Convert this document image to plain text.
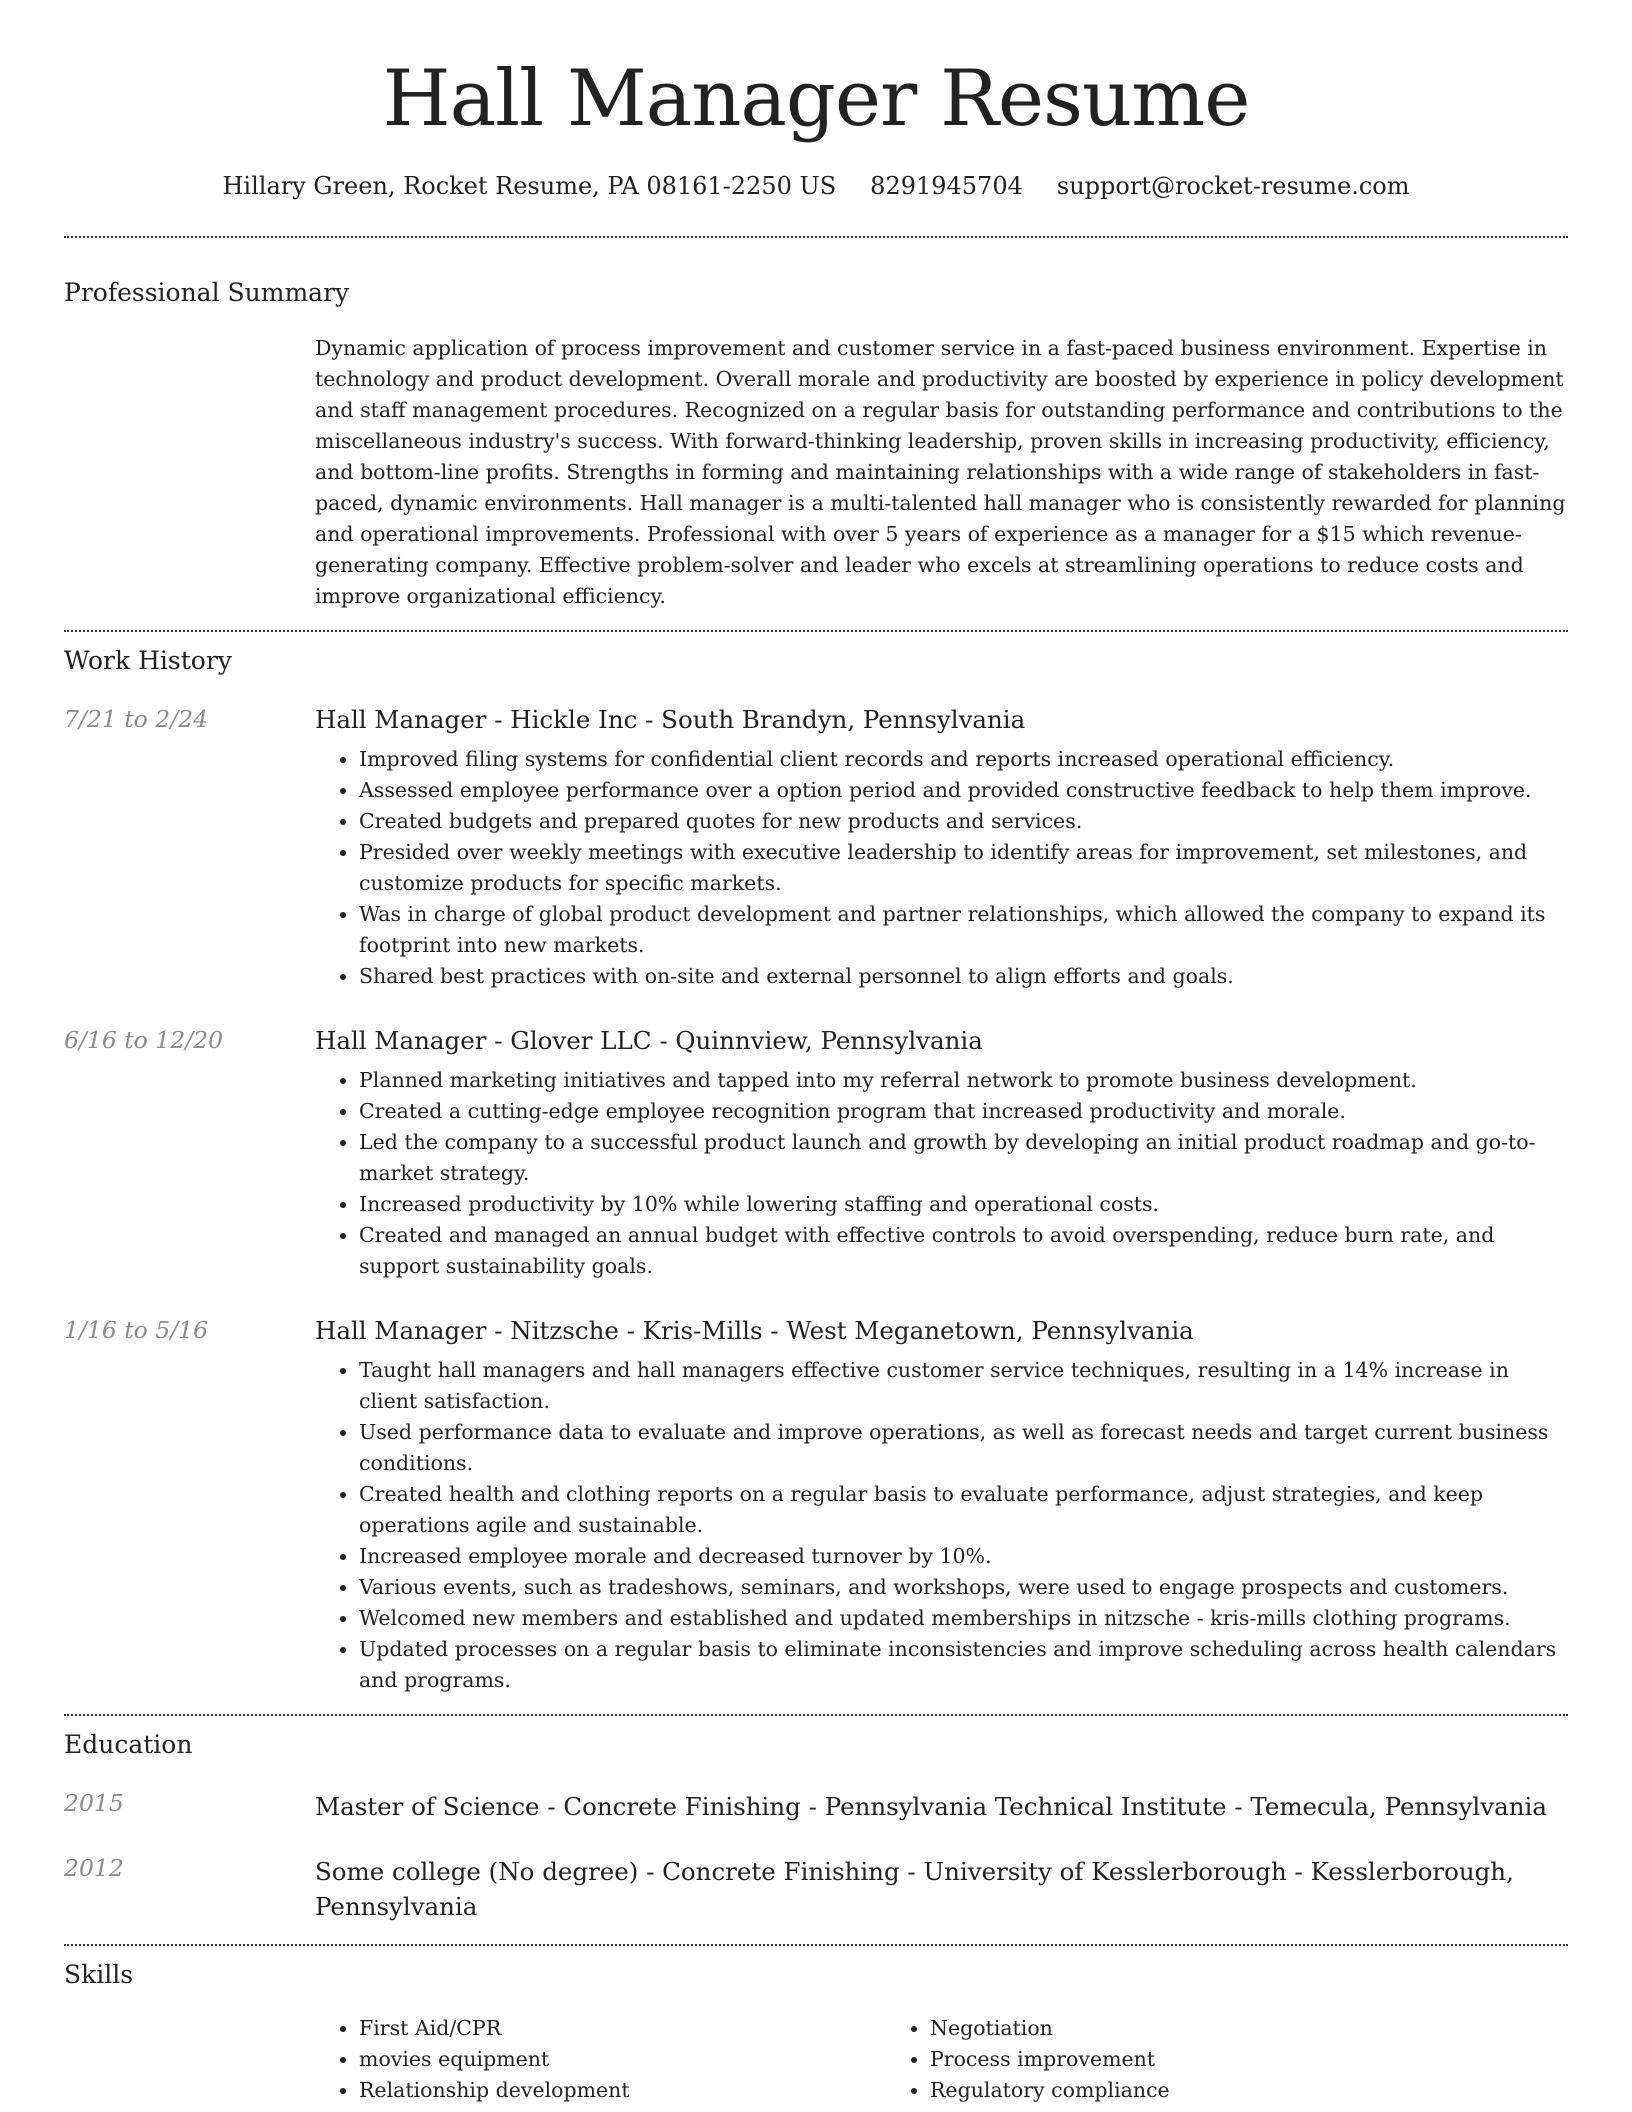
Hall Manager Resume
Hillary Green, Rocket Resume, PA 08161-2250 US 8291945704 support@rocket-resume.com
Professional Summary
Dynamic application of process improvement and customer service in a fast-paced business environment. Expertise in technology and product development. Overall morale and productivity are boosted by experience in policy development and staff management procedures. Recognized on a regular basis for outstanding performance and contributions to the miscellaneous industry's success. With forward-thinking leadership, proven skills in increasing productivity, efficiency, and bottom-line profits. Strengths in forming and maintaining relationships with a wide range of stakeholders in fast-paced, dynamic environments. Hall manager is a multi-talented hall manager who is consistently rewarded for planning and operational improvements. Professional with over 5 years of experience as a manager for a $15 which revenue-generating company. Effective problem-solver and leader who excels at streamlining operations to reduce costs and improve organizational efficiency.
Work History
7/21 to 2/24	Hall Manager - Hickle Inc - South Brandyn, Pennsylvania
• Improved filing systems for confidential client records and reports increased operational efficiency.
• Assessed employee performance over a option period and provided constructive feedback to help them improve.
• Created budgets and prepared quotes for new products and services.
• Presided over weekly meetings with executive leadership to identify areas for improvement, set milestones, and customize products for specific markets.
• Was in charge of global product development and partner relationships, which allowed the company to expand its footprint into new markets.
• Shared best practices with on-site and external personnel to align efforts and goals.
6/16 to 12/20	Hall Manager - Glover LLC - Quinnview, Pennsylvania
• Planned marketing initiatives and tapped into my referral network to promote business development.
• Created a cutting-edge employee recognition program that increased productivity and morale.
• Led the company to a successful product launch and growth by developing an initial product roadmap and go-to-market strategy.
• Increased productivity by 10% while lowering staffing and operational costs.
• Created and managed an annual budget with effective controls to avoid overspending, reduce burn rate, and support sustainability goals.
1/16 to 5/16	Hall Manager - Nitzsche - Kris-Mills - West Meganetown, Pennsylvania
• Taught hall managers and hall managers effective customer service techniques, resulting in a 14% increase in client satisfaction.
• Used performance data to evaluate and improve operations, as well as forecast needs and target current business conditions.
• Created health and clothing reports on a regular basis to evaluate performance, adjust strategies, and keep operations agile and sustainable.
• Increased employee morale and decreased turnover by 10%.
• Various events, such as tradeshows, seminars, and workshops, were used to engage prospects and customers.
• Welcomed new members and established and updated memberships in nitzsche - kris-mills clothing programs.
• Updated processes on a regular basis to eliminate inconsistencies and improve scheduling across health calendars and programs.
Education
2015	Master of Science - Concrete Finishing - Pennsylvania Technical Institute - Temecula, Pennsylvania
2012	Some college (No degree) - Concrete Finishing - University of Kesslerborough - Kesslerborough, Pennsylvania
Skills
• First Aid/CPR
• movies equipment
• Relationship development
• Negotiation
• Process improvement
• Regulatory compliance
